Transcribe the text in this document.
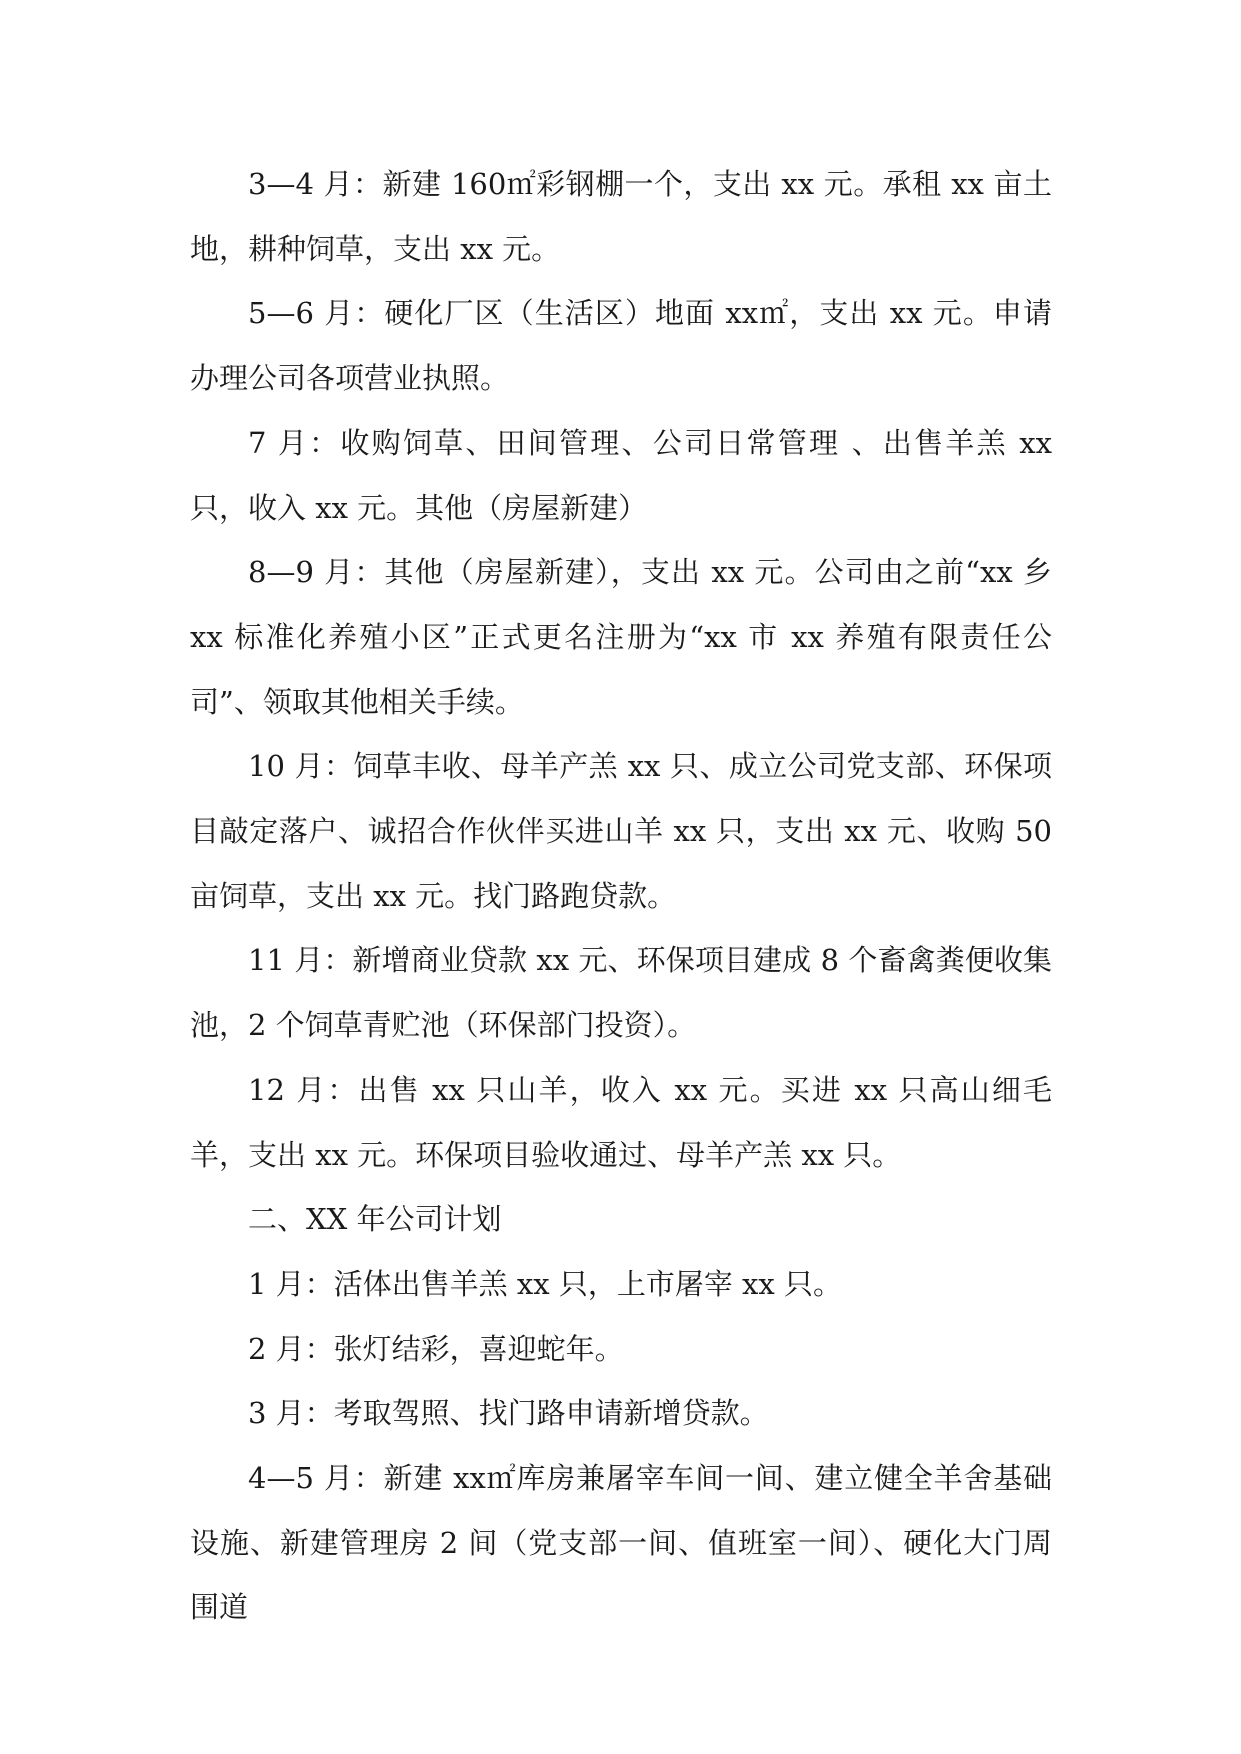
3—4 月：新建 160㎡彩钢棚一个，支出 xx 元。承租 xx 亩土地，耕种饲草，支出 xx 元。

5—6 月：硬化厂区（生活区）地面 xx㎡，支出 xx 元。申请办理公司各项营业执照。

7 月：收购饲草、田间管理、公司日常管理 、出售羊羔 xx 只，收入 xx 元。其他（房屋新建）

8—9 月：其他（房屋新建），支出 xx 元。公司由之前“xx 乡 xx 标准化养殖小区”正式更名注册为“xx 市 xx 养殖有限责任公司”、领取其他相关手续。

10 月：饲草丰收、母羊产羔 xx 只、成立公司党支部、环保项目敲定落户、诚招合作伙伴买进山羊 xx 只，支出 xx 元、收购 50 亩饲草，支出 xx 元。找门路跑贷款。

11 月：新增商业贷款 xx 元、环保项目建成 8 个畜禽粪便收集池，2 个饲草青贮池（环保部门投资）。

12 月：出售 xx 只山羊，收入 xx 元。买进 xx 只高山细毛羊，支出 xx 元。环保项目验收通过、母羊产羔 xx 只。

二、XX 年公司计划

1 月：活体出售羊羔 xx 只，上市屠宰 xx 只。

2 月：张灯结彩，喜迎蛇年。

3 月：考取驾照、找门路申请新增贷款。

4—5 月：新建 xx㎡库房兼屠宰车间一间、建立健全羊舍基础设施、新建管理房 2 间（党支部一间、值班室一间）、硬化大门周围道
